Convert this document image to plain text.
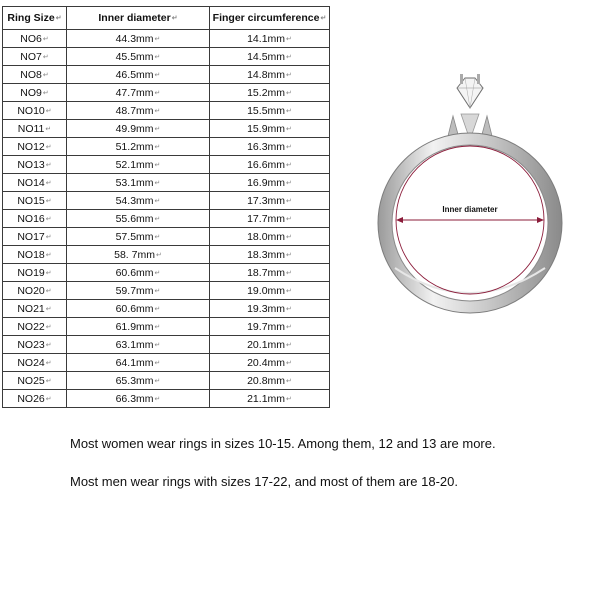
Ring Size↵	Inner diameter↵	Finger circumference↵
NO6↵	44.3mm↵	14.1mm↵
NO7↵	45.5mm↵	14.5mm↵
NO8↵	46.5mm↵	14.8mm↵
NO9↵	47.7mm↵	15.2mm↵
NO10↵	48.7mm↵	15.5mm↵
NO11↵	49.9mm↵	15.9mm↵
NO12↵	51.2mm↵	16.3mm↵
NO13↵	52.1mm↵	16.6mm↵
NO14↵	53.1mm↵	16.9mm↵
NO15↵	54.3mm↵	17.3mm↵
NO16↵	55.6mm↵	17.7mm↵
NO17↵	57.5mm↵	18.0mm↵
NO18↵	58. 7mm↵	18.3mm↵
NO19↵	60.6mm↵	18.7mm↵
NO20↵	59.7mm↵	19.0mm↵
NO21↵	60.6mm↵	19.3mm↵
NO22↵	61.9mm↵	19.7mm↵
NO23↵	63.1mm↵	20.1mm↵
NO24↵	64.1mm↵	20.4mm↵
NO25↵	65.3mm↵	20.8mm↵
NO26↵	66.3mm↵	21.1mm↵
Inner diameter
Most women wear rings in sizes 10-15. Among them, 12 and 13 are more.
Most men wear rings with sizes 17-22, and most of them are 18-20.
